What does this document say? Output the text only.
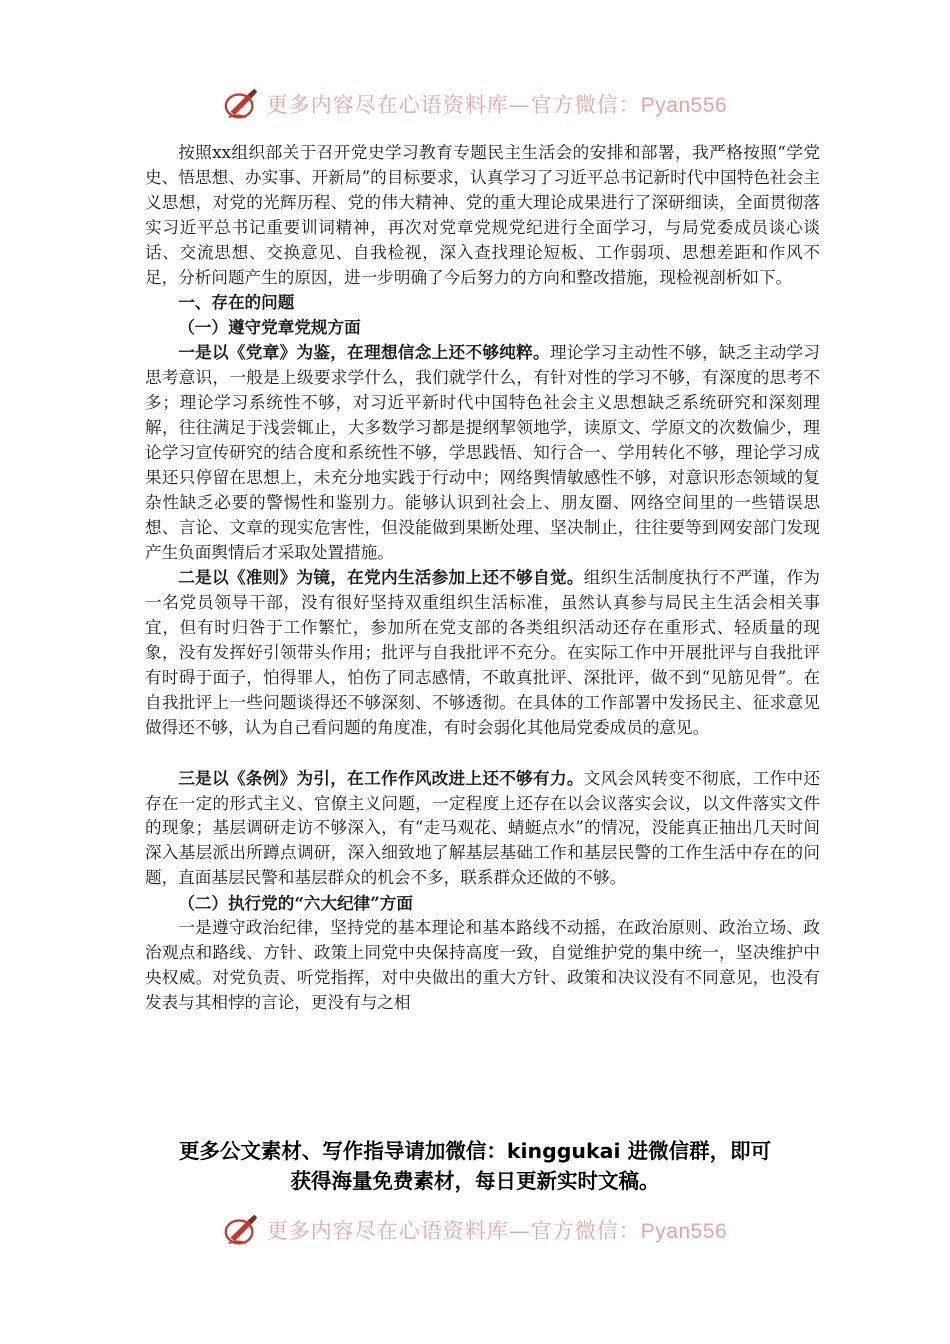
更多内容尽在心语资料库—官方微信：Pyan556

按照xx组织部关于召开党史学习教育专题民主生活会的安排和部署，我严格按照“学党史、悟思想、办实事、开新局”的目标要求，认真学习了习近平总书记新时代中国特色社会主义思想，对党的光辉历程、党的伟大精神、党的重大理论成果进行了深研细读，全面贯彻落实习近平总书记重要训词精神，再次对党章党规党纪进行全面学习，与局党委成员谈心谈话、交流思想、交换意见、自我检视，深入查找理论短板、工作弱项、思想差距和作风不足，分析问题产生的原因，进一步明确了今后努力的方向和整改措施，现检视剖析如下。

一、存在的问题

（一）遵守党章党规方面

一是以《党章》为鉴，在理想信念上还不够纯粹。理论学习主动性不够，缺乏主动学习思考意识，一般是上级要求学什么，我们就学什么，有针对性的学习不够，有深度的思考不多；理论学习系统性不够，对习近平新时代中国特色社会主义思想缺乏系统研究和深刻理解，往往满足于浅尝辄止，大多数学习都是提纲挈领地学，读原文、学原文的次数偏少，理论学习宣传研究的结合度和系统性不够，学思践悟、知行合一、学用转化不够，理论学习成果还只停留在思想上，未充分地实践于行动中；网络舆情敏感性不够，对意识形态领域的复杂性缺乏必要的警惕性和鉴别力。能够认识到社会上、朋友圈、网络空间里的一些错误思想、言论、文章的现实危害性，但没能做到果断处理、坚决制止，往往要等到网安部门发现产生负面舆情后才采取处置措施。

二是以《准则》为镜，在党内生活参加上还不够自觉。组织生活制度执行不严谨，作为一名党员领导干部，没有很好坚持双重组织生活标准，虽然认真参与局民主生活会相关事宜，但有时归咎于工作繁忙，参加所在党支部的各类组织活动还存在重形式、轻质量的现象，没有发挥好引领带头作用；批评与自我批评不充分。在实际工作中开展批评与自我批评有时碍于面子，怕得罪人，怕伤了同志感情，不敢真批评、深批评，做不到“见筋见骨”。在自我批评上一些问题谈得还不够深刻、不够透彻。在具体的工作部署中发扬民主、征求意见做得还不够，认为自己看问题的角度准，有时会弱化其他局党委成员的意见。

三是以《条例》为引，在工作作风改进上还不够有力。文风会风转变不彻底，工作中还存在一定的形式主义、官僚主义问题，一定程度上还存在以会议落实会议，以文件落实文件的现象；基层调研走访不够深入，有“走马观花、蜻蜓点水”的情况，没能真正抽出几天时间深入基层派出所蹲点调研，深入细致地了解基层基础工作和基层民警的工作生活中存在的问题，直面基层民警和基层群众的机会不多，联系群众还做的不够。

（二）执行党的“六大纪律”方面

一是遵守政治纪律，坚持党的基本理论和基本路线不动摇，在政治原则、政治立场、政治观点和路线、方针、政策上同党中央保持高度一致，自觉维护党的集中统一，坚决维护中央权威。对党负责、听党指挥，对中央做出的重大方针、政策和决议没有不同意见，也没有发表与其相悖的言论，更没有与之相

更多公文素材、写作指导请加微信：kinggukai 进微信群，即可
获得海量免费素材，每日更新实时文稿。
更多内容尽在心语资料库—官方微信：Pyan556
